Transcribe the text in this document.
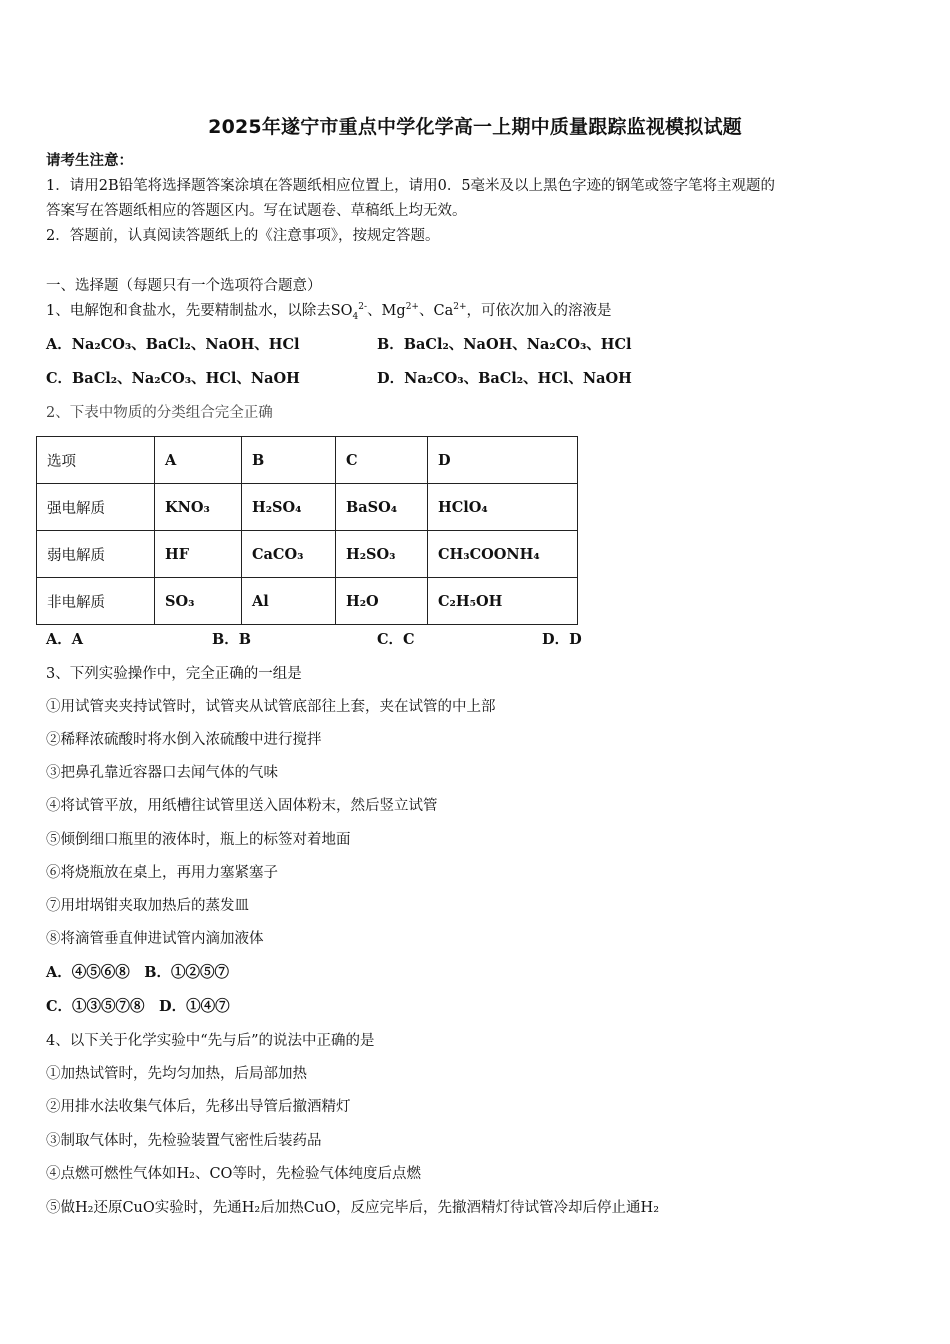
2025年遂宁市重点中学化学高一上期中质量跟踪监视模拟试题
请考生注意：
1．请用2B铅笔将选择题答案涂填在答题纸相应位置上，请用0．5毫米及以上黑色字迹的钢笔或签字笔将主观题的
答案写在答题纸相应的答题区内。写在试题卷、草稿纸上均无效。
2．答题前，认真阅读答题纸上的《注意事项》，按规定答题。
一、选择题（每题只有一个选项符合题意）
1、电解饱和食盐水，先要精制盐水，以除去$SO_4^{2-}$、$Mg^{2+}$、$Ca^{2+}$，可依次加入的溶液是
A．Na₂CO₃、BaCl₂、NaOH、HCl	B．BaCl₂、NaOH、Na₂CO₃、HCl
C．BaCl₂、Na₂CO₃、HCl、NaOH	D．Na₂CO₃、BaCl₂、HCl、NaOH
2、下表中物质的分类组合完全正确
选项	A	B	C	D
强电解质	KNO₃	H₂SO₄	BaSO₄	HClO₄
弱电解质	HF	CaCO₃	H₂SO₃	CH₃COONH₄
非电解质	SO₃	Al	H₂O	C₂H₅OH
A．A	B．B	C．C	D．D
3、下列实验操作中，完全正确的一组是
①用试管夹夹持试管时，试管夹从试管底部往上套，夹在试管的中上部
②稀释浓硫酸时将水倒入浓硫酸中进行搅拌
③把鼻孔靠近容器口去闻气体的气味
④将试管平放，用纸槽往试管里送入固体粉末，然后竖立试管
⑤倾倒细口瓶里的液体时，瓶上的标签对着地面
⑥将烧瓶放在桌上，再用力塞紧塞子
⑦用坩埚钳夹取加热后的蒸发皿
⑧将滴管垂直伸进试管内滴加液体
A．④⑤⑥⑧　B．①②⑤⑦
C．①③⑤⑦⑧　D．①④⑦
4、以下关于化学实验中“先与后”的说法中正确的是
①加热试管时，先均匀加热，后局部加热
②用排水法收集气体后，先移出导管后撤酒精灯
③制取气体时，先检验装置气密性后装药品
④点燃可燃性气体如H₂、CO等时，先检验气体纯度后点燃
⑤做H₂还原CuO实验时，先通H₂后加热CuO，反应完毕后，先撤酒精灯待试管冷却后停止通H₂
